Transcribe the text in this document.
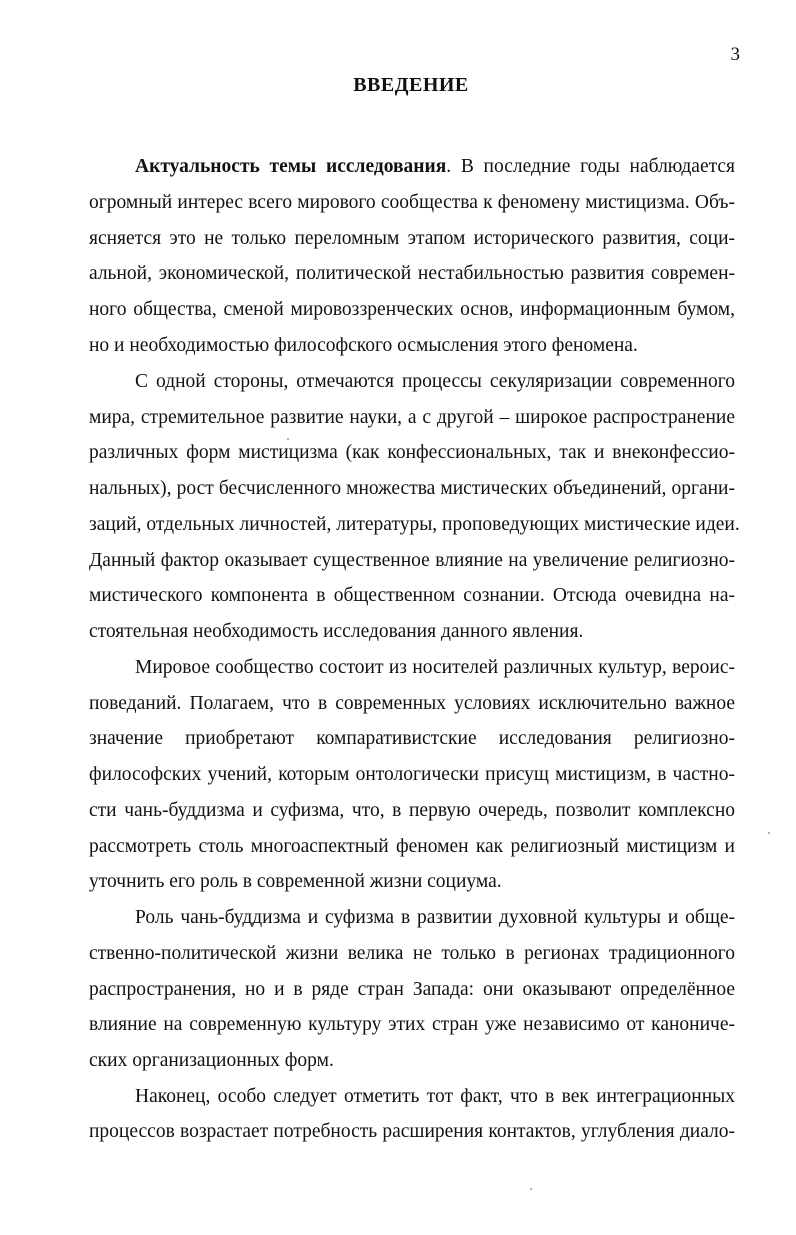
3
ВВЕДЕНИЕ
Актуальность темы исследования. В последние годы наблюдается
огромный интерес всего мирового сообщества к феномену мистицизма. Объ-
ясняется это не только переломным этапом исторического развития, соци-
альной, экономической, политической нестабильностью развития современ-
ного общества, сменой мировоззренческих основ, информационным бумом,
но и необходимостью философского осмысления этого феномена.
С одной стороны, отмечаются процессы секуляризации современного
мира, стремительное развитие науки, а с другой – широкое распространение
различных форм мистицизма (как конфессиональных, так и внеконфессио-
нальных), рост бесчисленного множества мистических объединений, органи-
заций, отдельных личностей, литературы, проповедующих мистические идеи.
Данный фактор оказывает существенное влияние на увеличение религиозно-
мистического компонента в общественном сознании. Отсюда очевидна на-
стоятельная необходимость исследования данного явления.
Мировое сообщество состоит из носителей различных культур, вероис-
поведаний. Полагаем, что в современных условиях исключительно важное
значение приобретают компаративистские исследования религиозно-
философских учений, которым онтологически присущ мистицизм, в частно-
сти чань-буддизма и суфизма, что, в первую очередь, позволит комплексно
рассмотреть столь многоаспектный феномен как религиозный мистицизм и
уточнить его роль в современной жизни социума.
Роль чань-буддизма и суфизма в развитии духовной культуры и обще-
ственно-политической жизни велика не только в регионах традиционного
распространения, но и в ряде стран Запада: они оказывают определённое
влияние на современную культуру этих стран уже независимо от канониче-
ских организационных форм.
Наконец, особо следует отметить тот факт, что в век интеграционных
процессов возрастает потребность расширения контактов, углубления диало-
